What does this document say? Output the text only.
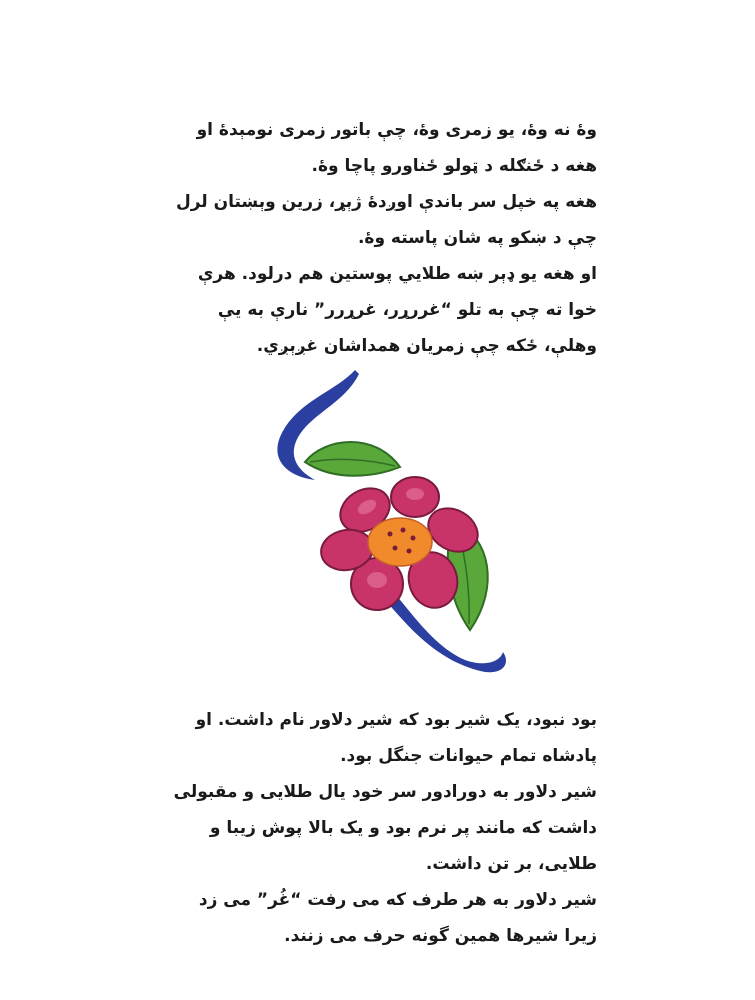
وهٔ نه وهٔ، يو زمری وهٔ، چې باتور زمری نومېدهٔ او هغه د ځنګله د ټولو ځناورو پاچا وهٔ.

هغه په خپل سر باندې اوږدهٔ ژېړ، زرين وېښتان لرل چې د ښکو په شان پاسته وهٔ.

او هغه يو ډېر ښه طلايي پوستين هم درلود. هرې خوا ته چې به تلو “غررړر، غرړرر” نارې به يې وهلې، ځکه چې زمريان همداشان غږېږي.

بود نبود، یک شیر بود که شیر دلاور نام داشت. او پادشاه تمام حیوانات جنگل بود.

شیر دلاور به دورادور سر خود یال طلایی و مقبولی داشت که مانند پر نرم بود و یک بالا پوش زیبا و طلایی، بر تن داشت.

شیر دلاور به هر طرف که می رفت “غُر” می زد زیرا شیرها همین گونه حرف می زنند.
